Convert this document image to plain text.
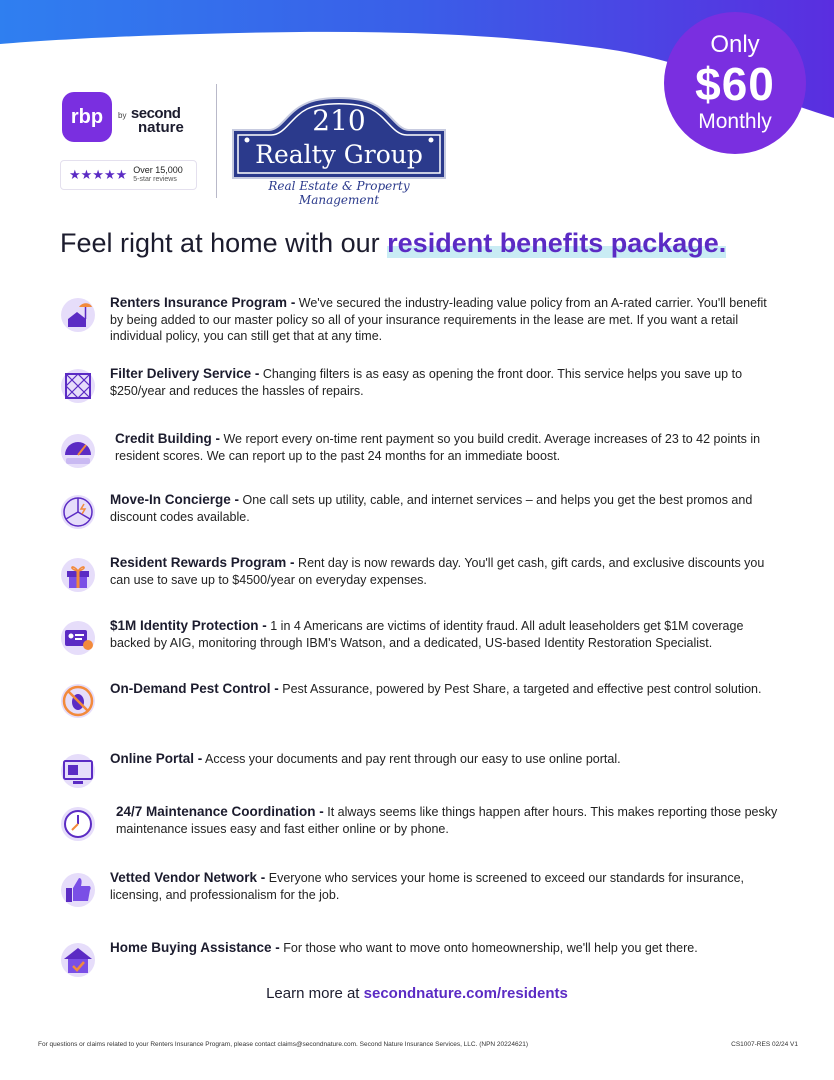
Only
$60
Monthly
rbp by second
nature
★★★★★ Over 15,000
5-star reviews
210
Realty Group
Real Estate & Property Management
Feel right at home with our resident benefits package.
Renters Insurance Program - We've secured the industry-leading value policy from an A-rated carrier. You'll benefit by being added to our master policy so all of your insurance requirements in the lease are met. If you want a retail individual policy, you can still get that at any time.
Filter Delivery Service - Changing filters is as easy as opening the front door. This service helps you save up to $250/year and reduces the hassles of repairs.
Credit Building - We report every on-time rent payment so you build credit. Average increases of 23 to 42 points in resident scores. We can report up to the past 24 months for an immediate boost.
Move-In Concierge - One call sets up utility, cable, and internet services – and helps you get the best promos and discount codes available.
Resident Rewards Program - Rent day is now rewards day. You'll get cash, gift cards, and exclusive discounts you can use to save up to $4500/year on everyday expenses.
$1M Identity Protection - 1 in 4 Americans are victims of identity fraud. All adult leaseholders get $1M coverage backed by AIG, monitoring through IBM's Watson, and a dedicated, US-based Identity Restoration Specialist.
On-Demand Pest Control - Pest Assurance, powered by Pest Share, a targeted and effective pest control solution.
Online Portal - Access your documents and pay rent through our easy to use online portal.
24/7 Maintenance Coordination - It always seems like things happen after hours. This makes reporting those pesky maintenance issues easy and fast either online or by phone.
Vetted Vendor Network - Everyone who services your home is screened to exceed our standards for insurance, licensing, and professionalism for the job.
Home Buying Assistance - For those who want to move onto homeownership, we'll help you get there.
Learn more at secondnature.com/residents
For questions or claims related to your Renters Insurance Program, please contact claims@secondnature.com. Second Nature Insurance Services, LLC. (NPN 20224621)	CS1007-RES 02/24 V1
